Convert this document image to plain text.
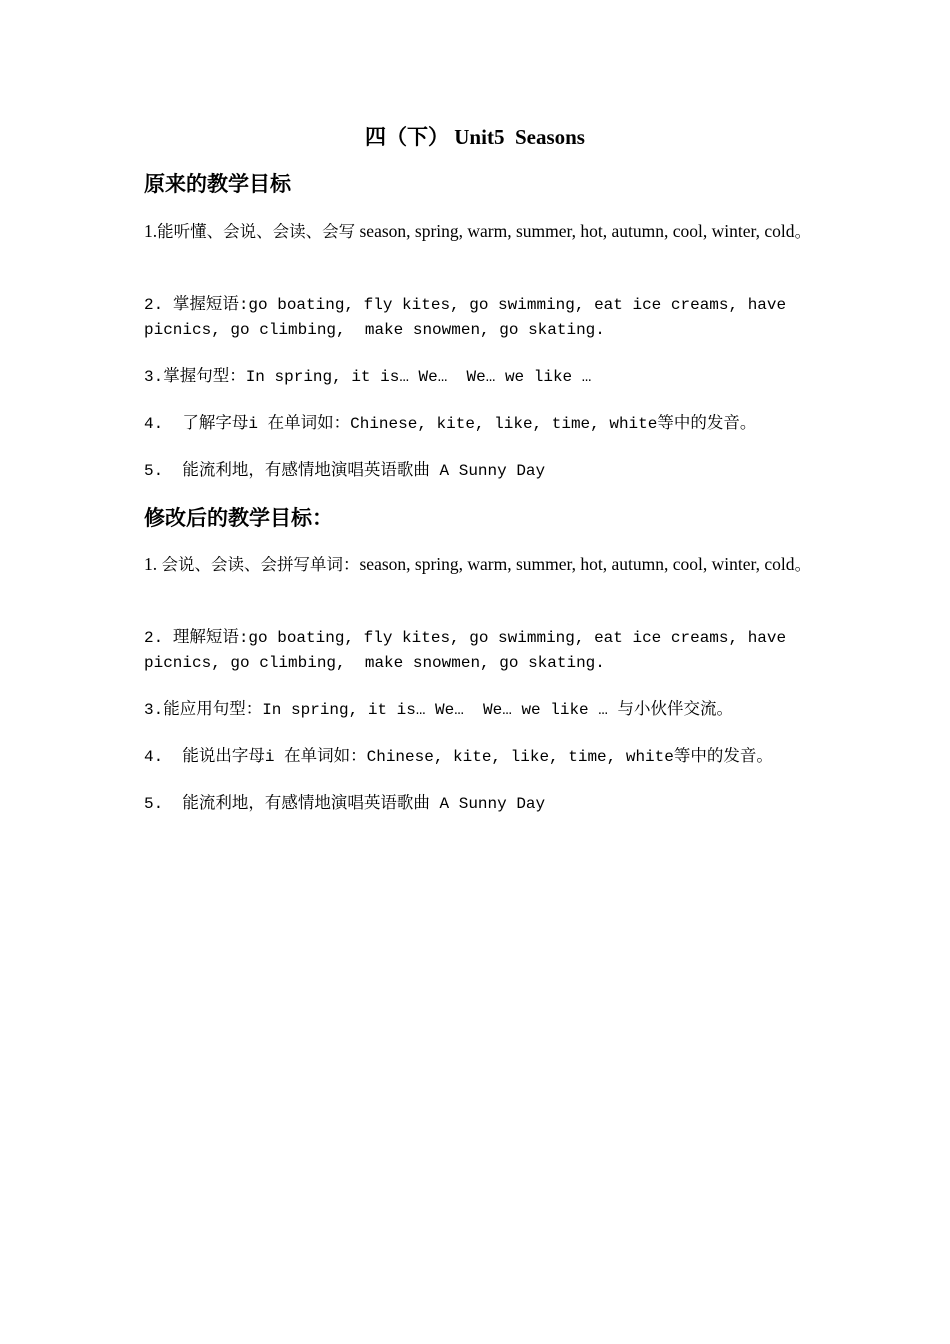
四（下） Unit5  Seasons
原来的教学目标
1.能听懂、会说、会读、会写 season, spring, warm, summer, hot, autumn, cool, winter, cold。
2. 掌握短语:go boating, fly kites, go swimming, eat ice creams, have picnics, go climbing,  make snowmen, go skating.
3.掌握句型：In spring, it is… We…  We… we like …
4.  了解字母i 在单词如：Chinese, kite, like, time, white等中的发音。
5.  能流利地，有感情地演唱英语歌曲 A Sunny Day
修改后的教学目标：
1. 会说、会读、会拼写单词：season, spring, warm, summer, hot, autumn, cool, winter, cold。
2. 理解短语:go boating, fly kites, go swimming, eat ice creams, have picnics, go climbing,  make snowmen, go skating.
3.能应用句型：In spring, it is… We…  We… we like … 与小伙伴交流。
4.  能说出字母i 在单词如：Chinese, kite, like, time, white等中的发音。
5.  能流利地，有感情地演唱英语歌曲 A Sunny Day
